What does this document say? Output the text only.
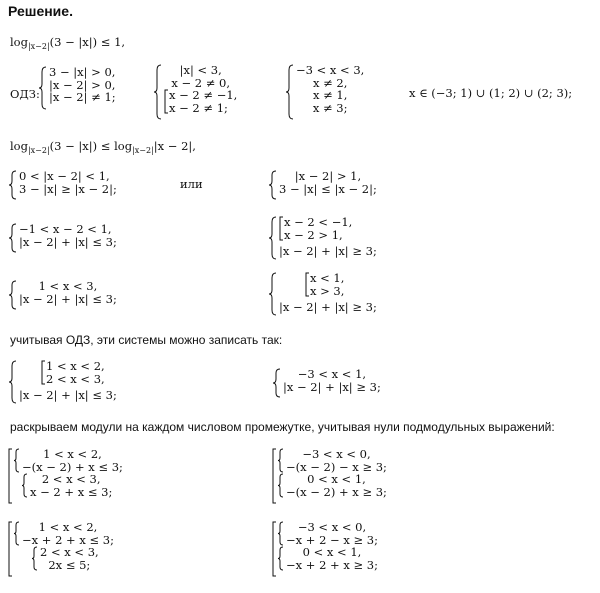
Решение.
$\log_{|x-2|}(3 - |x|) \le 1$,
ОДЗ:
3 − |x| > 0,
|x − 2| > 0,
|x − 2| ≠ 1;
|x| < 3,
x − 2 ≠ 0,
x − 2 ≠ −1,
x − 2 ≠ 1;
−3 < x < 3,
x ≠ 2,
x ≠ 1,
x ≠ 3;
x ∈ (−3; 1) ∪ (1; 2) ∪ (2; 3);
$\log_{|x-2|}(3 - |x|) \le \log_{|x-2|}|x - 2|$,
0 < |x − 2| < 1,
3 − |x| ≥ |x − 2|;	или
|x − 2| > 1,
3 − |x| ≤ |x − 2|;
−1 < x − 2 < 1,
|x − 2| + |x| ≤ 3;
x − 2 < −1,
x − 2 > 1,
|x − 2| + |x| ≥ 3;
1 < x < 3,
|x − 2| + |x| ≤ 3;
x < 1,
x > 3,
|x − 2| + |x| ≥ 3;
учитывая ОДЗ, эти системы можно записать так:
1 < x < 2,
2 < x < 3,
|x − 2| + |x| ≤ 3;
−3 < x < 1,
|x − 2| + |x| ≥ 3;
раскрываем модули на каждом числовом промежутке, учитывая нули подмодульных выражений:
1 < x < 2,
−(x − 2) + x ≤ 3;
2 < x < 3,
x − 2 + x ≤ 3;
−3 < x < 0,
−(x − 2) − x ≥ 3;
0 < x < 1,
−(x − 2) + x ≥ 3;
1 < x < 2,
−x + 2 + x ≤ 3;
2 < x < 3,
2x ≤ 5;
−3 < x < 0,
−x + 2 − x ≥ 3;
0 < x < 1,
−x + 2 + x ≥ 3;
